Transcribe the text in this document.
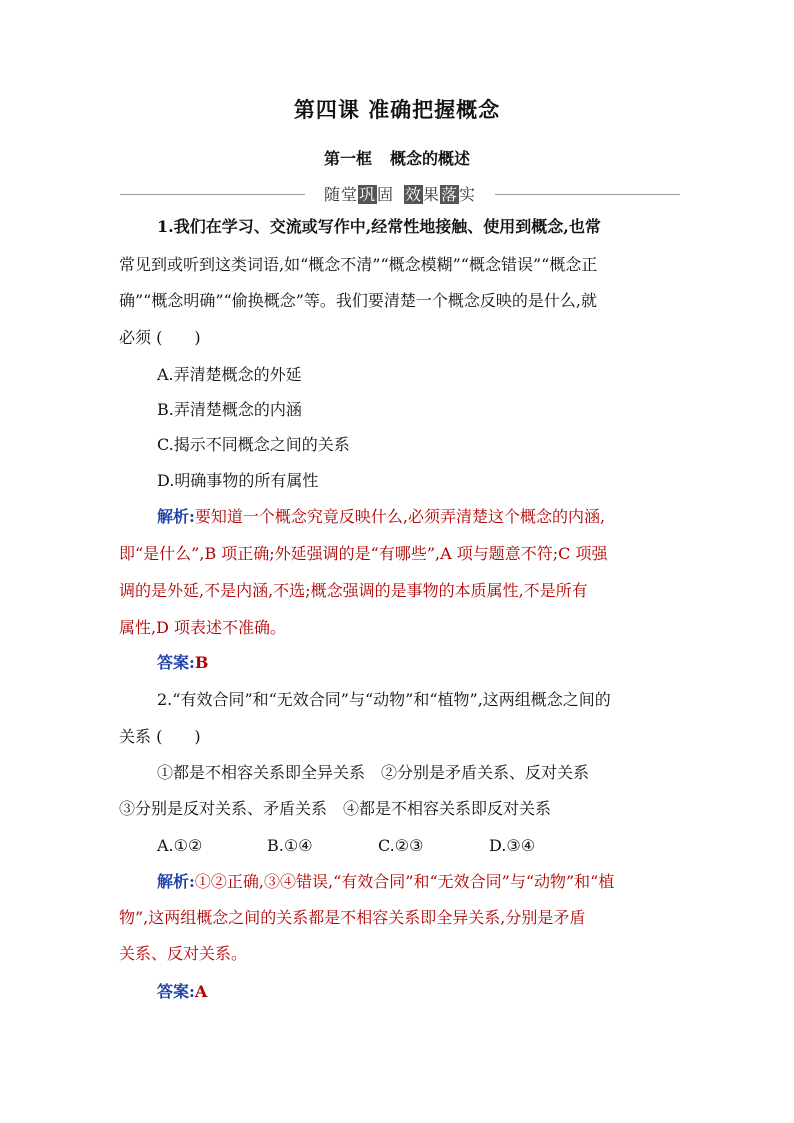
第四课 准确把握概念
第一框 概念的概述
随堂巩固 效果落实
1.我们在学习、交流或写作中,经常性地接触、使用到概念,也常
常见到或听到这类词语,如“概念不清”“概念模糊”“概念错误”“概念正
确”“概念明确”“偷换概念”等。我们要清楚一个概念反映的是什么,就
必须 (　　)
A.弄清楚概念的外延
B.弄清楚概念的内涵
C.揭示不同概念之间的关系
D.明确事物的所有属性
解析:要知道一个概念究竟反映什么,必须弄清楚这个概念的内涵,
即“是什么”,B 项正确;外延强调的是“有哪些”,A 项与题意不符;C 项强
调的是外延,不是内涵,不选;概念强调的是事物的本质属性,不是所有
属性,D 项表述不准确。
答案:B
2.“有效合同”和“无效合同”与“动物”和“植物”,这两组概念之间的
关系 (　　)
①都是不相容关系即全异关系　②分别是矛盾关系、反对关系
③分别是反对关系、矛盾关系　④都是不相容关系即反对关系
A.①②	B.①④	C.②③	D.③④
解析:①②正确,③④错误,“有效合同”和“无效合同”与“动物”和“植
物”,这两组概念之间的关系都是不相容关系即全异关系,分别是矛盾
关系、反对关系。
答案:A
